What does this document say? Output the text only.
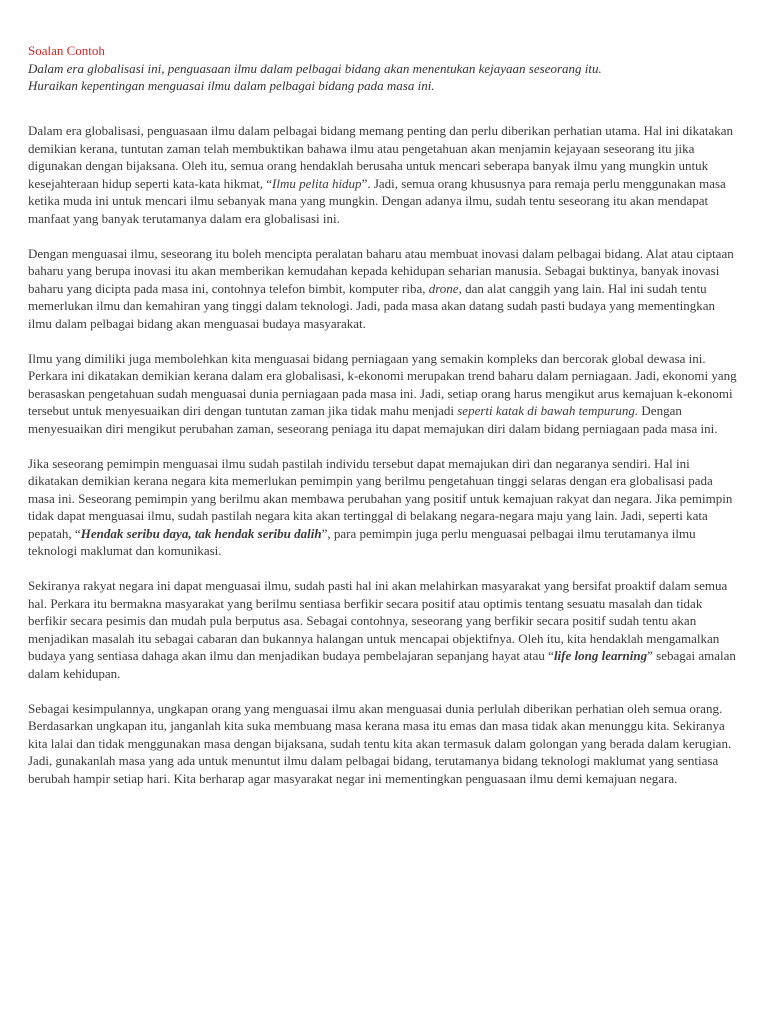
Soalan Contoh

Dalam era globalisasi ini, penguasaan ilmu dalam pelbagai bidang akan menentukan kejayaan seseorang itu.
Huraikan kepentingan menguasai ilmu dalam pelbagai bidang pada masa ini.

Dalam era globalisasi, penguasaan ilmu dalam pelbagai bidang memang penting dan perlu diberikan perhatian utama. Hal ini dikatakan demikian kerana, tuntutan zaman telah membuktikan bahawa ilmu atau pengetahuan akan menjamin kejayaan seseorang itu jika digunakan dengan bijaksana. Oleh itu, semua orang hendaklah berusaha untuk mencari seberapa banyak ilmu yang mungkin untuk kesejahteraan hidup seperti kata-kata hikmat, “Ilmu pelita hidup”. Jadi, semua orang khususnya para remaja perlu menggunakan masa ketika muda ini untuk mencari ilmu sebanyak mana yang mungkin. Dengan adanya ilmu, sudah tentu seseorang itu akan mendapat manfaat yang banyak terutamanya dalam era globalisasi ini.

Dengan menguasai ilmu, seseorang itu boleh mencipta peralatan baharu atau membuat inovasi dalam pelbagai bidang. Alat atau ciptaan baharu yang berupa inovasi itu akan memberikan kemudahan kepada kehidupan seharian manusia. Sebagai buktinya, banyak inovasi baharu yang dicipta pada masa ini, contohnya telefon bimbit, komputer riba, drone, dan alat canggih yang lain. Hal ini sudah tentu memerlukan ilmu dan kemahiran yang tinggi dalam teknologi. Jadi, pada masa akan datang sudah pasti budaya yang mementingkan ilmu dalam pelbagai bidang akan menguasai budaya masyarakat.

Ilmu yang dimiliki juga membolehkan kita menguasai bidang perniagaan yang semakin kompleks dan bercorak global dewasa ini. Perkara ini dikatakan demikian kerana dalam era globalisasi, k-ekonomi merupakan trend baharu dalam perniagaan. Jadi, ekonomi yang berasaskan pengetahuan sudah menguasai dunia perniagaan pada masa ini. Jadi, setiap orang harus mengikut arus kemajuan k-ekonomi tersebut untuk menyesuaikan diri dengan tuntutan zaman jika tidak mahu menjadi seperti katak di bawah tempurung. Dengan menyesuaikan diri mengikut perubahan zaman, seseorang peniaga itu dapat memajukan diri dalam bidang perniagaan pada masa ini.

Jika seseorang pemimpin menguasai ilmu sudah pastilah individu tersebut dapat memajukan diri dan negaranya sendiri. Hal ini dikatakan demikian kerana negara kita memerlukan pemimpin yang berilmu pengetahuan tinggi selaras dengan era globalisasi pada masa ini. Seseorang pemimpin yang berilmu akan membawa perubahan yang positif untuk kemajuan rakyat dan negara. Jika pemimpin tidak dapat menguasai ilmu, sudah pastilah negara kita akan tertinggal di belakang negara-negara maju yang lain. Jadi, seperti kata pepatah, “Hendak seribu daya, tak hendak seribu dalih”, para pemimpin juga perlu menguasai pelbagai ilmu terutamanya ilmu teknologi maklumat dan komunikasi.

Sekiranya rakyat negara ini dapat menguasai ilmu, sudah pasti hal ini akan melahirkan masyarakat yang bersifat proaktif dalam semua hal. Perkara itu bermakna masyarakat yang berilmu sentiasa berfikir secara positif atau optimis tentang sesuatu masalah dan tidak berfikir secara pesimis dan mudah pula berputus asa. Sebagai contohnya, seseorang yang berfikir secara positif sudah tentu akan menjadikan masalah itu sebagai cabaran dan bukannya halangan untuk mencapai objektifnya. Oleh itu, kita hendaklah mengamalkan budaya yang sentiasa dahaga akan ilmu dan menjadikan budaya pembelajaran sepanjang hayat atau “life long learning” sebagai amalan dalam kehidupan.

Sebagai kesimpulannya, ungkapan orang yang menguasai ilmu akan menguasai dunia perlulah diberikan perhatian oleh semua orang. Berdasarkan ungkapan itu, janganlah kita suka membuang masa kerana masa itu emas dan masa tidak akan menunggu kita. Sekiranya kita lalai dan tidak menggunakan masa dengan bijaksana, sudah tentu kita akan termasuk dalam golongan yang berada dalam kerugian. Jadi, gunakanlah masa yang ada untuk menuntut ilmu dalam pelbagai bidang, terutamanya bidang teknologi maklumat yang sentiasa berubah hampir setiap hari. Kita berharap agar masyarakat negar ini mementingkan penguasaan ilmu demi kemajuan negara.
